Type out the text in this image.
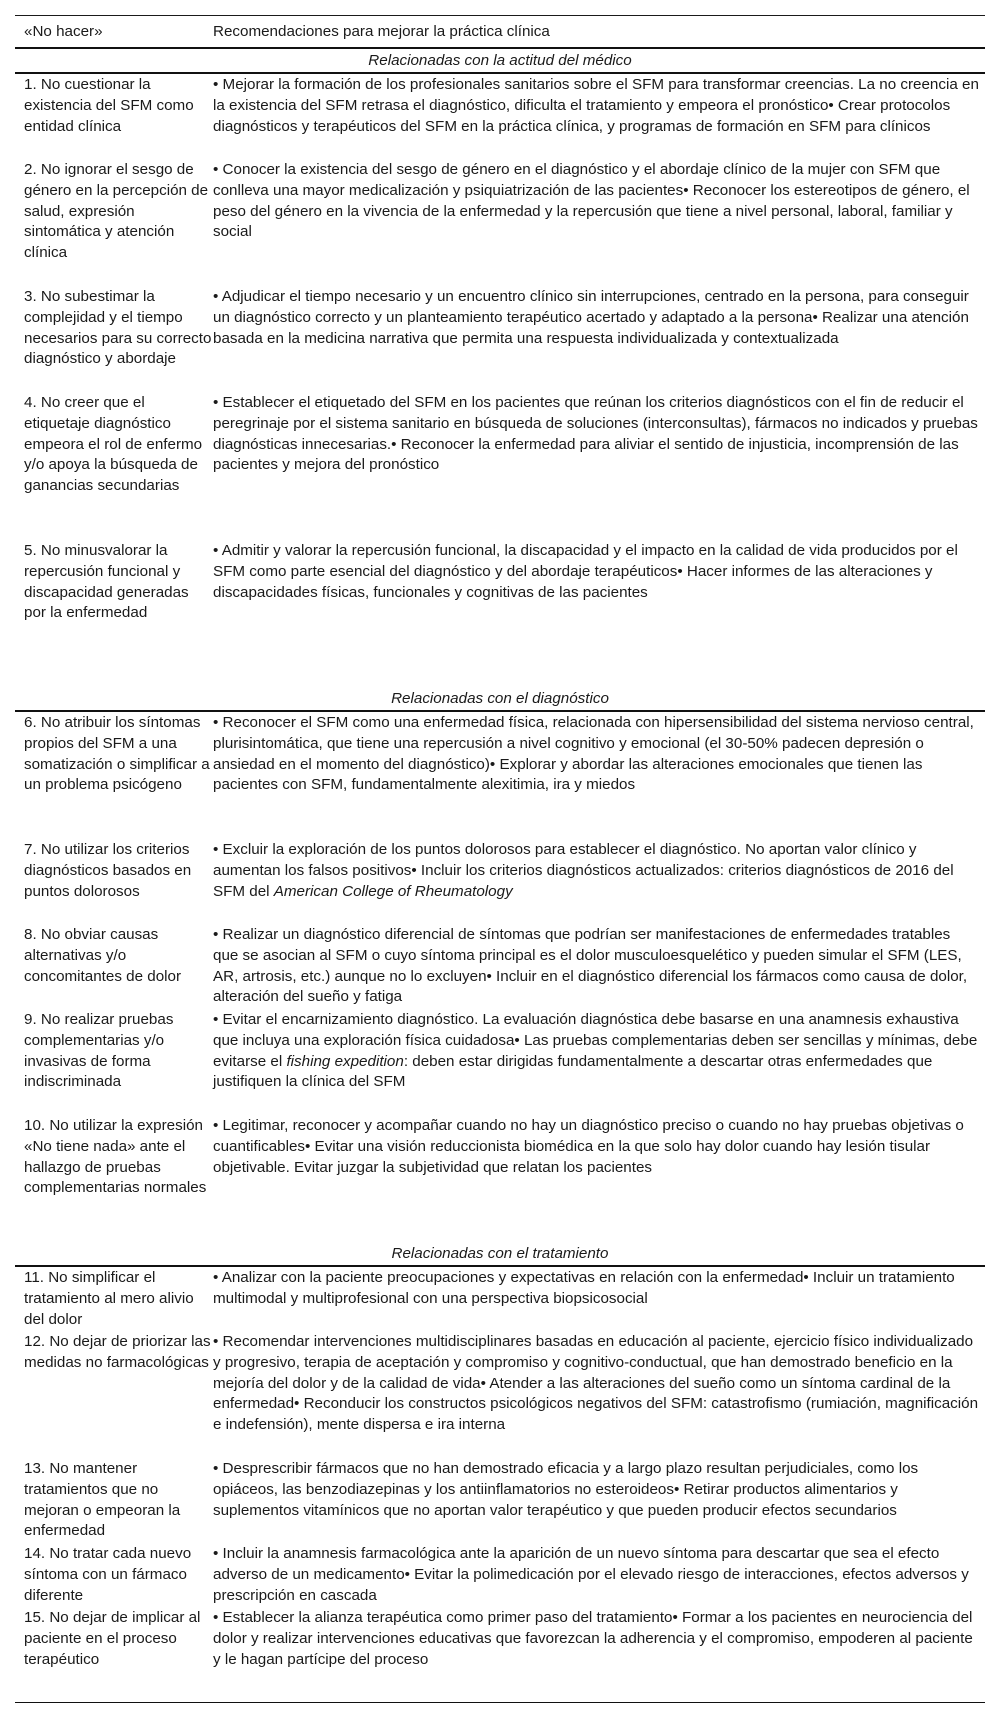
«No hacer»	Recomendaciones para mejorar la práctica clínica
Relacionadas con la actitud del médico
1. No cuestionar la existencia del SFM como entidad clínica
• Mejorar la formación de los profesionales sanitarios sobre el SFM para transformar creencias. La no creencia en la existencia del SFM retrasa el diagnóstico, dificulta el tratamiento y empeora el pronóstico• Crear protocolos diagnósticos y terapéuticos del SFM en la práctica clínica, y programas de formación en SFM para clínicos
2. No ignorar el sesgo de género en la percepción de salud, expresión sintomática y atención clínica
• Conocer la existencia del sesgo de género en el diagnóstico y el abordaje clínico de la mujer con SFM que conlleva una mayor medicalización y psiquiatrización de las pacientes• Reconocer los estereotipos de género, el peso del género en la vivencia de la enfermedad y la repercusión que tiene a nivel personal, laboral, familiar y social
3. No subestimar la complejidad y el tiempo necesarios para su correcto diagnóstico y abordaje
• Adjudicar el tiempo necesario y un encuentro clínico sin interrupciones, centrado en la persona, para conseguir un diagnóstico correcto y un planteamiento terapéutico acertado y adaptado a la persona• Realizar una atención basada en la medicina narrativa que permita una respuesta individualizada y contextualizada
4. No creer que el etiquetaje diagnóstico empeora el rol de enfermo y/o apoya la búsqueda de ganancias secundarias
• Establecer el etiquetado del SFM en los pacientes que reúnan los criterios diagnósticos con el fin de reducir el peregrinaje por el sistema sanitario en búsqueda de soluciones (interconsultas), fármacos no indicados y pruebas diagnósticas innecesarias.• Reconocer la enfermedad para aliviar el sentido de injusticia, incomprensión de las pacientes y mejora del pronóstico
5. No minusvalorar la repercusión funcional y discapacidad generadas por la enfermedad
• Admitir y valorar la repercusión funcional, la discapacidad y el impacto en la calidad de vida producidos por el SFM como parte esencial del diagnóstico y del abordaje terapéuticos• Hacer informes de las alteraciones y discapacidades físicas, funcionales y cognitivas de las pacientes
Relacionadas con el diagnóstico
6. No atribuir los síntomas propios del SFM a una somatización o simplificar a un problema psicógeno
• Reconocer el SFM como una enfermedad física, relacionada con hipersensibilidad del sistema nervioso central, plurisintomática, que tiene una repercusión a nivel cognitivo y emocional (el 30-50% padecen depresión o ansiedad en el momento del diagnóstico)• Explorar y abordar las alteraciones emocionales que tienen las pacientes con SFM, fundamentalmente alexitimia, ira y miedos
7. No utilizar los criterios diagnósticos basados en puntos dolorosos
• Excluir la exploración de los puntos dolorosos para establecer el diagnóstico. No aportan valor clínico y aumentan los falsos positivos• Incluir los criterios diagnósticos actualizados: criterios diagnósticos de 2016 del SFM del American College of Rheumatology
8. No obviar causas alternativas y/o concomitantes de dolor
• Realizar un diagnóstico diferencial de síntomas que podrían ser manifestaciones de enfermedades tratables que se asocian al SFM o cuyo síntoma principal es el dolor musculoesquelético y pueden simular el SFM (LES, AR, artrosis, etc.) aunque no lo excluyen• Incluir en el diagnóstico diferencial los fármacos como causa de dolor, alteración del sueño y fatiga
9. No realizar pruebas complementarias y/o invasivas de forma indiscriminada
• Evitar el encarnizamiento diagnóstico. La evaluación diagnóstica debe basarse en una anamnesis exhaustiva que incluya una exploración física cuidadosa• Las pruebas complementarias deben ser sencillas y mínimas, debe evitarse el fishing expedition: deben estar dirigidas fundamentalmente a descartar otras enfermedades que justifiquen la clínica del SFM
10. No utilizar la expresión «No tiene nada» ante el hallazgo de pruebas complementarias normales
• Legitimar, reconocer y acompañar cuando no hay un diagnóstico preciso o cuando no hay pruebas objetivas o cuantificables• Evitar una visión reduccionista biomédica en la que solo hay dolor cuando hay lesión tisular objetivable. Evitar juzgar la subjetividad que relatan los pacientes
Relacionadas con el tratamiento
11. No simplificar el tratamiento al mero alivio del dolor
• Analizar con la paciente preocupaciones y expectativas en relación con la enfermedad• Incluir un tratamiento multimodal y multiprofesional con una perspectiva biopsicosocial
12. No dejar de priorizar las medidas no farmacológicas
• Recomendar intervenciones multidisciplinares basadas en educación al paciente, ejercicio físico individualizado y progresivo, terapia de aceptación y compromiso y cognitivo-conductual, que han demostrado beneficio en la mejoría del dolor y de la calidad de vida• Atender a las alteraciones del sueño como un síntoma cardinal de la enfermedad• Reconducir los constructos psicológicos negativos del SFM: catastrofismo (rumiación, magnificación e indefensión), mente dispersa e ira interna
13. No mantener tratamientos que no mejoran o empeoran la enfermedad
• Desprescribir fármacos que no han demostrado eficacia y a largo plazo resultan perjudiciales, como los opiáceos, las benzodiazepinas y los antiinflamatorios no esteroideos• Retirar productos alimentarios y suplementos vitamínicos que no aportan valor terapéutico y que pueden producir efectos secundarios
14. No tratar cada nuevo síntoma con un fármaco diferente
• Incluir la anamnesis farmacológica ante la aparición de un nuevo síntoma para descartar que sea el efecto adverso de un medicamento• Evitar la polimedicación por el elevado riesgo de interacciones, efectos adversos y prescripción en cascada
15. No dejar de implicar al paciente en el proceso terapéutico
• Establecer la alianza terapéutica como primer paso del tratamiento• Formar a los pacientes en neurociencia del dolor y realizar intervenciones educativas que favorezcan la adherencia y el compromiso, empoderen al paciente y le hagan partícipe del proceso
